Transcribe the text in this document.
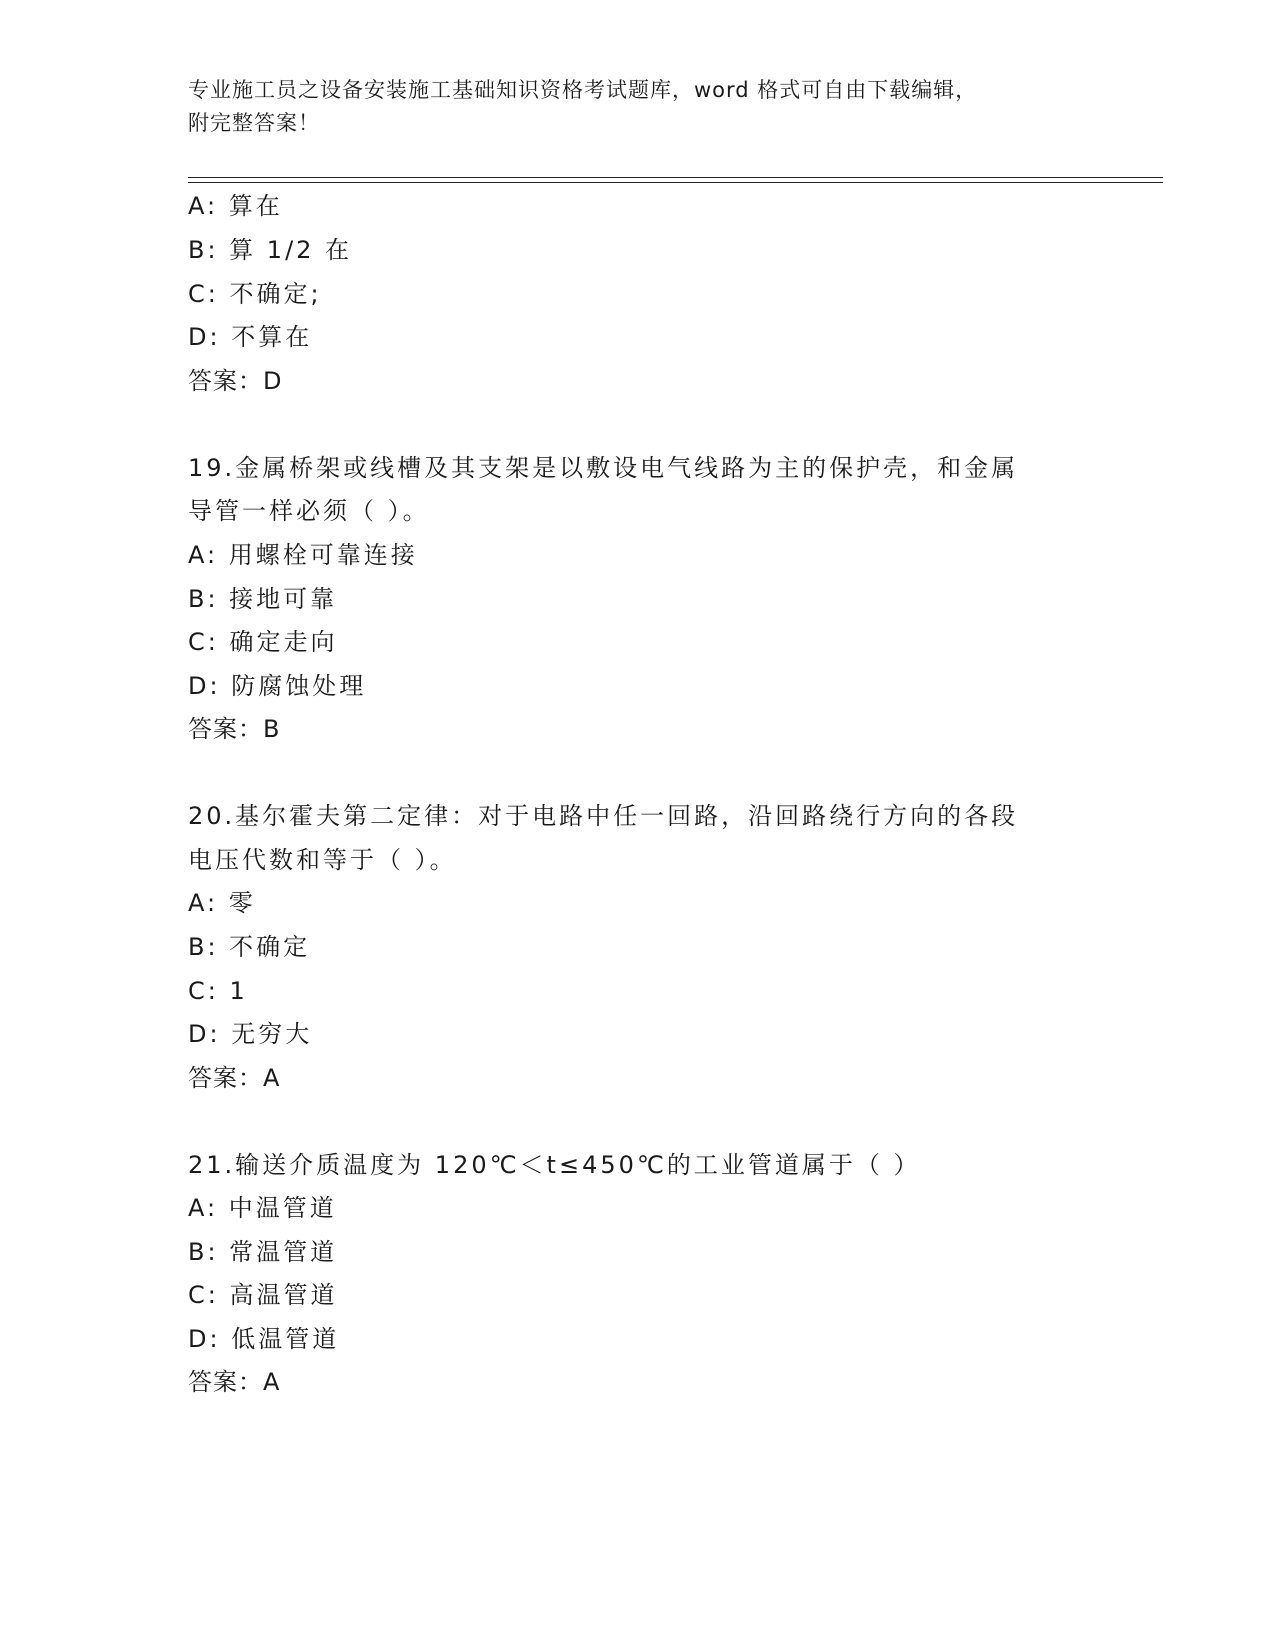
专业施工员之设备安装施工基础知识资格考试题库，word 格式可自由下载编辑，
附完整答案！
A: 算在
B: 算 1/2 在
C: 不确定;
D: 不算在
答案：D
19.金属桥架或线槽及其支架是以敷设电气线路为主的保护壳，和金属
导管一样必须（ ）。
A: 用螺栓可靠连接
B: 接地可靠
C: 确定走向
D: 防腐蚀处理
答案：B
20.基尔霍夫第二定律：对于电路中任一回路，沿回路绕行方向的各段
电压代数和等于（ ）。
A: 零
B: 不确定
C: 1
D: 无穷大
答案：A
21.输送介质温度为 120℃＜t≤450℃的工业管道属于（ ）
A: 中温管道
B: 常温管道
C: 高温管道
D: 低温管道
答案：A
